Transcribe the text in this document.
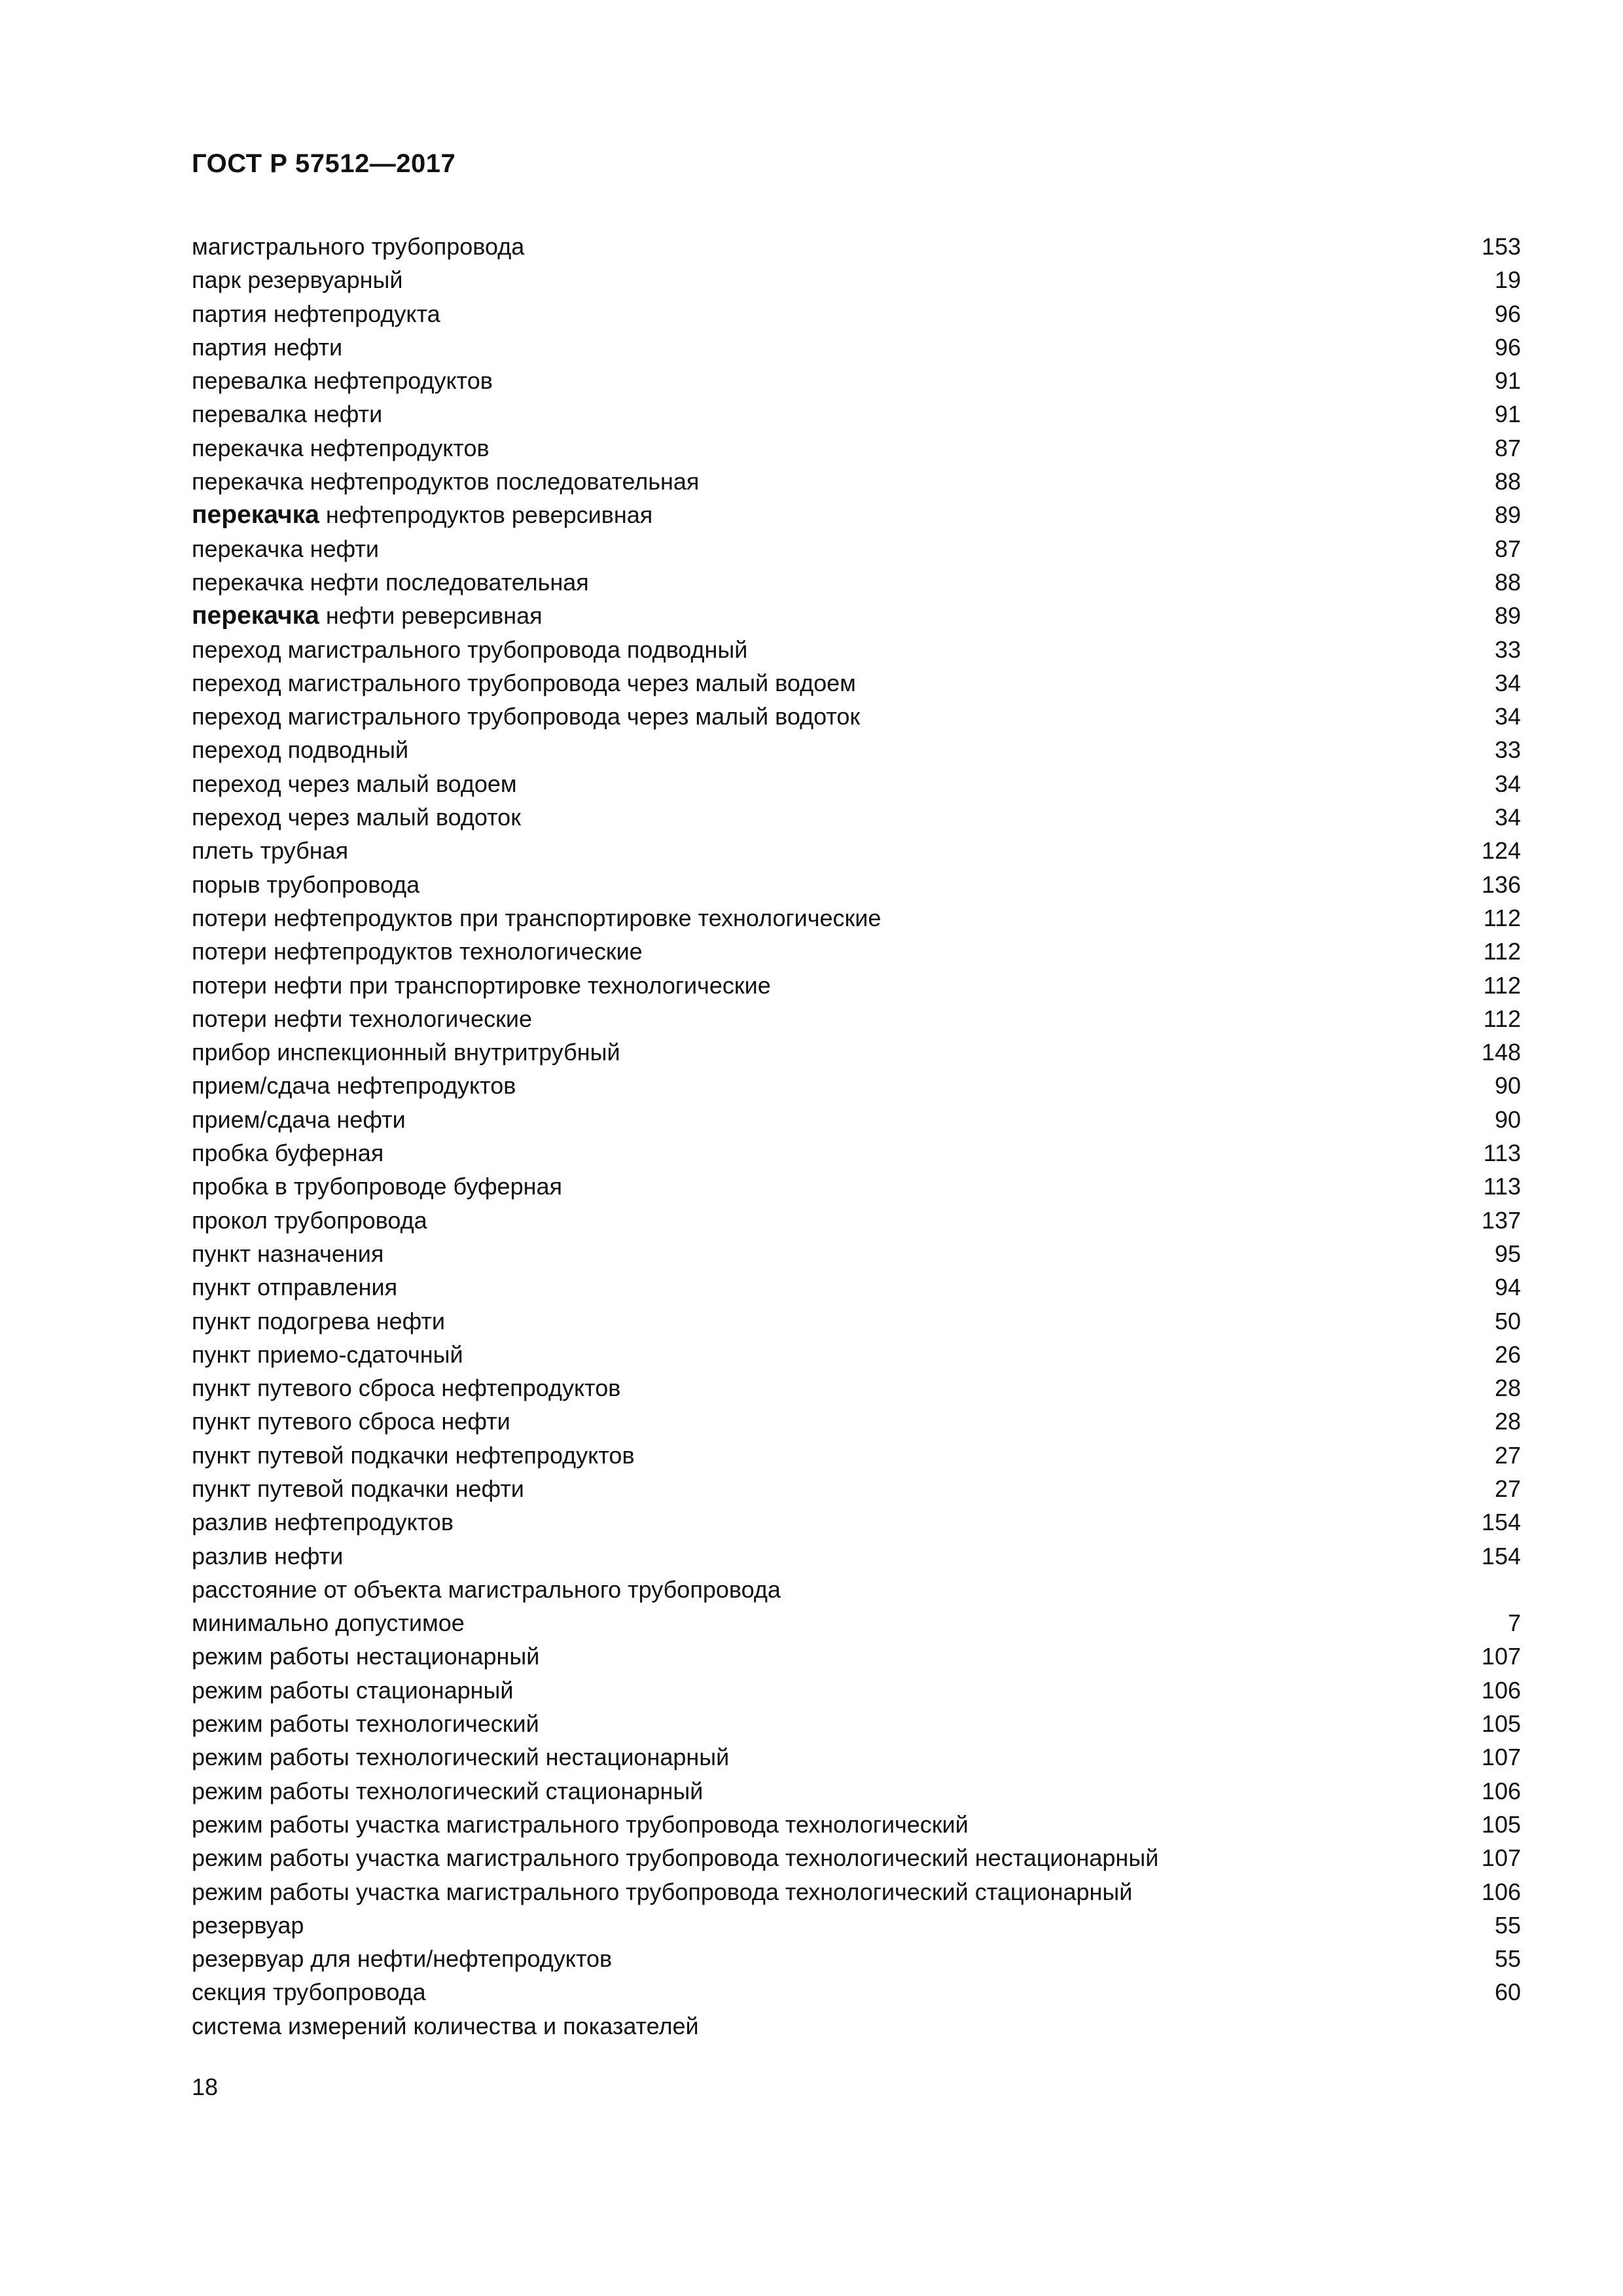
ГОСТ Р 57512—2017
магистрального трубопровода	153
парк резервуарный	19
партия нефтепродукта	96
партия нефти	96
перевалка нефтепродуктов	91
перевалка нефти	91
перекачка нефтепродуктов	87
перекачка нефтепродуктов последовательная	88
перекачка нефтепродуктов реверсивная	89
перекачка нефти	87
перекачка нефти последовательная	88
перекачка нефти реверсивная	89
переход магистрального трубопровода подводный	33
переход магистрального трубопровода через малый водоем	34
переход магистрального трубопровода через малый водоток	34
переход подводный	33
переход через малый водоем	34
переход через малый водоток	34
плеть трубная	124
порыв трубопровода	136
потери нефтепродуктов при транспортировке технологические	112
потери нефтепродуктов технологические	112
потери нефти при транспортировке технологические	112
потери нефти технологические	112
прибор инспекционный внутритрубный	148
прием/сдача нефтепродуктов	90
прием/сдача нефти	90
пробка буферная	113
пробка в трубопроводе буферная	113
прокол трубопровода	137
пункт назначения	95
пункт отправления	94
пункт подогрева нефти	50
пункт приемо-сдаточный	26
пункт путевого сброса нефтепродуктов	28
пункт путевого сброса нефти	28
пункт путевой подкачки нефтепродуктов	27
пункт путевой подкачки нефти	27
разлив нефтепродуктов	154
разлив нефти	154
расстояние от объекта магистрального трубопровода
минимально допустимое	7
режим работы нестационарный	107
режим работы стационарный	106
режим работы технологический	105
режим работы технологический нестационарный	107
режим работы технологический стационарный	106
режим работы участка магистрального трубопровода технологический	105
режим работы участка магистрального трубопровода технологический нестационарный	107
режим работы участка магистрального трубопровода технологический стационарный	106
резервуар	55
резервуар для нефти/нефтепродуктов	55
секция трубопровода	60
система измерений количества и показателей
18
